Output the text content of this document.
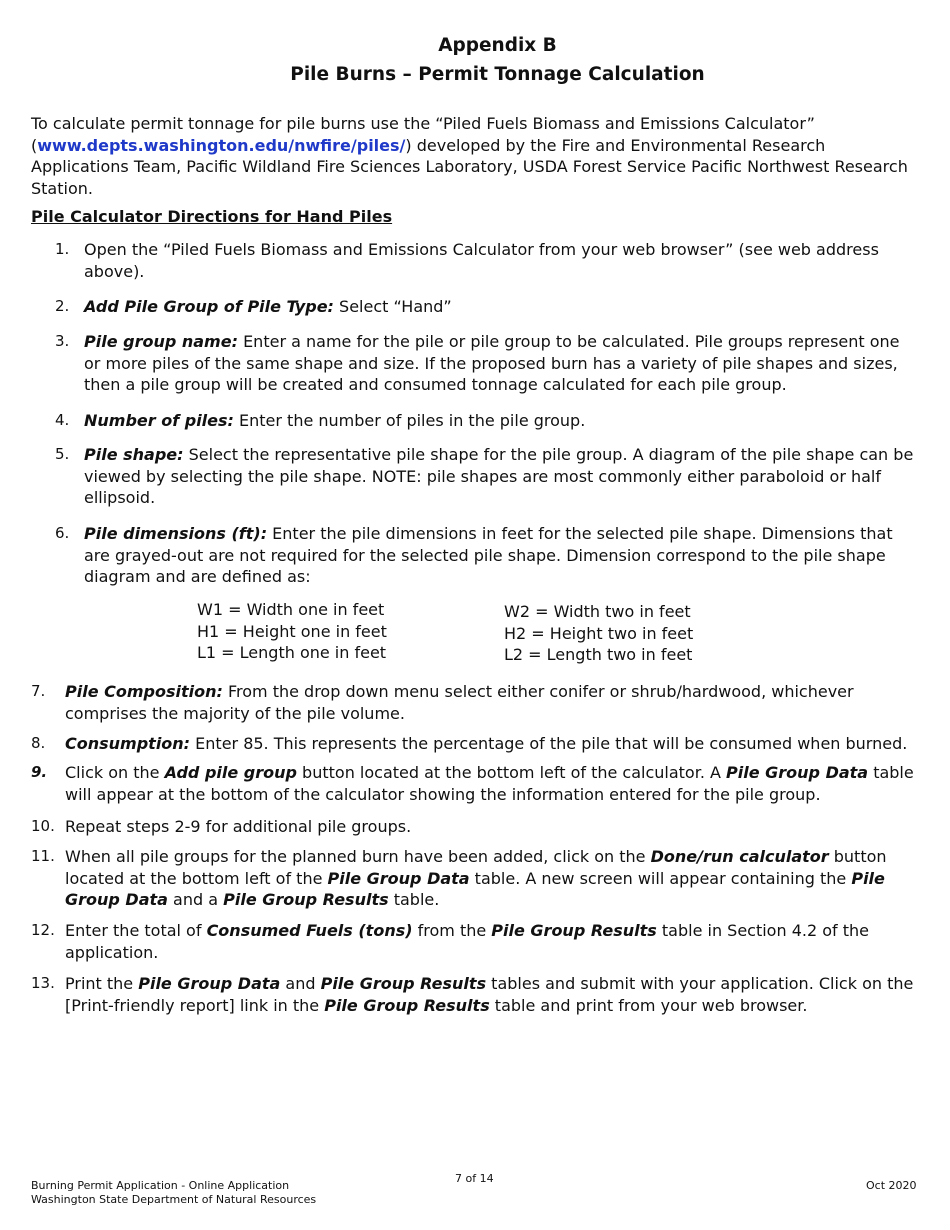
Appendix B
Pile Burns – Permit Tonnage Calculation
To calculate permit tonnage for pile burns use the “Piled Fuels Biomass and Emissions Calculator” (www.depts.washington.edu/nwfire/piles/) developed by the Fire and Environmental Research Applications Team, Pacific Wildland Fire Sciences Laboratory, USDA Forest Service Pacific Northwest Research Station.
Pile Calculator Directions for Hand Piles
1. Open the “Piled Fuels Biomass and Emissions Calculator from your web browser” (see web address above).
2. Add Pile Group of Pile Type: Select “Hand”
3. Pile group name: Enter a name for the pile or pile group to be calculated. Pile groups represent one or more piles of the same shape and size. If the proposed burn has a variety of pile shapes and sizes, then a pile group will be created and consumed tonnage calculated for each pile group.
4. Number of piles: Enter the number of piles in the pile group.
5. Pile shape: Select the representative pile shape for the pile group. A diagram of the pile shape can be viewed by selecting the pile shape. NOTE: pile shapes are most commonly either paraboloid or half ellipsoid.
6. Pile dimensions (ft): Enter the pile dimensions in feet for the selected pile shape. Dimensions that are grayed-out are not required for the selected pile shape. Dimension correspond to the pile shape diagram and are defined as:
W1 = Width one in feet
H1 = Height one in feet
L1 = Length one in feet
W2 = Width two in feet
H2 = Height two in feet
L2 = Length two in feet
7. Pile Composition: From the drop down menu select either conifer or shrub/hardwood, whichever comprises the majority of the pile volume.
8. Consumption: Enter 85. This represents the percentage of the pile that will be consumed when burned.
9. Click on the Add pile group button located at the bottom left of the calculator. A Pile Group Data table will appear at the bottom of the calculator showing the information entered for the pile group.
10. Repeat steps 2-9 for additional pile groups.
11. When all pile groups for the planned burn have been added, click on the Done/run calculator button located at the bottom left of the Pile Group Data table. A new screen will appear containing the Pile Group Data and a Pile Group Results table.
12. Enter the total of Consumed Fuels (tons) from the Pile Group Results table in Section 4.2 of the application.
13. Print the Pile Group Data and Pile Group Results tables and submit with your application. Click on the [Print-friendly report] link in the Pile Group Results table and print from your web browser.
Burning Permit Application - Online Application
Washington State Department of Natural Resources
7 of 14
Oct 2020
